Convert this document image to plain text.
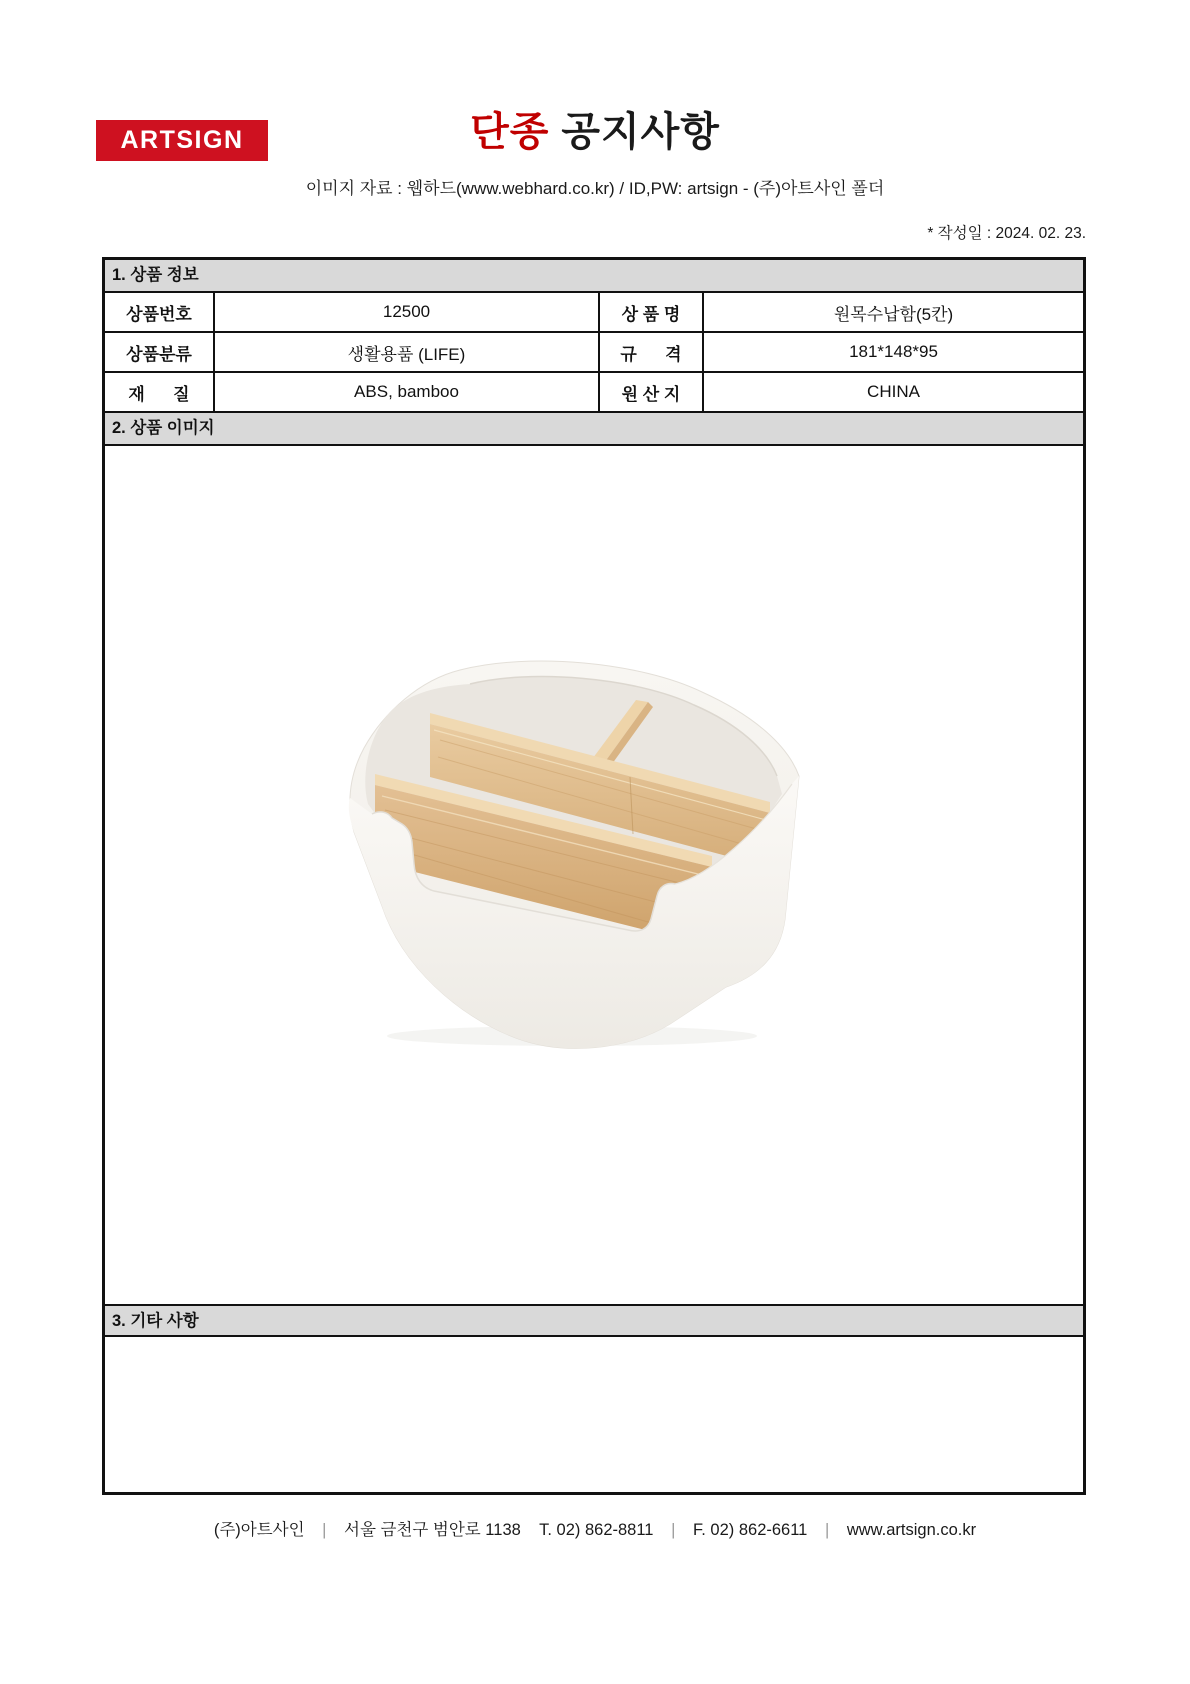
ARTSIGN	단종 공지사항
이미지 자료 : 웹하드(www.webhard.co.kr) / ID,PW: artsign - (주)아트사인 폴더
* 작성일 : 2024. 02. 23.
1. 상품 정보
상품번호	12500	상 품 명	원목수납함(5칸)
상품분류	생활용품 (LIFE)	규      격	181*148*95
재      질	ABS, bamboo	원 산 지	CHINA
2. 상품 이미지
3. 기타 사항
(주)아트사인 | 서울 금천구 범안로 1138    T. 02) 862-8811 | F. 02) 862-6611 | www.artsign.co.kr
